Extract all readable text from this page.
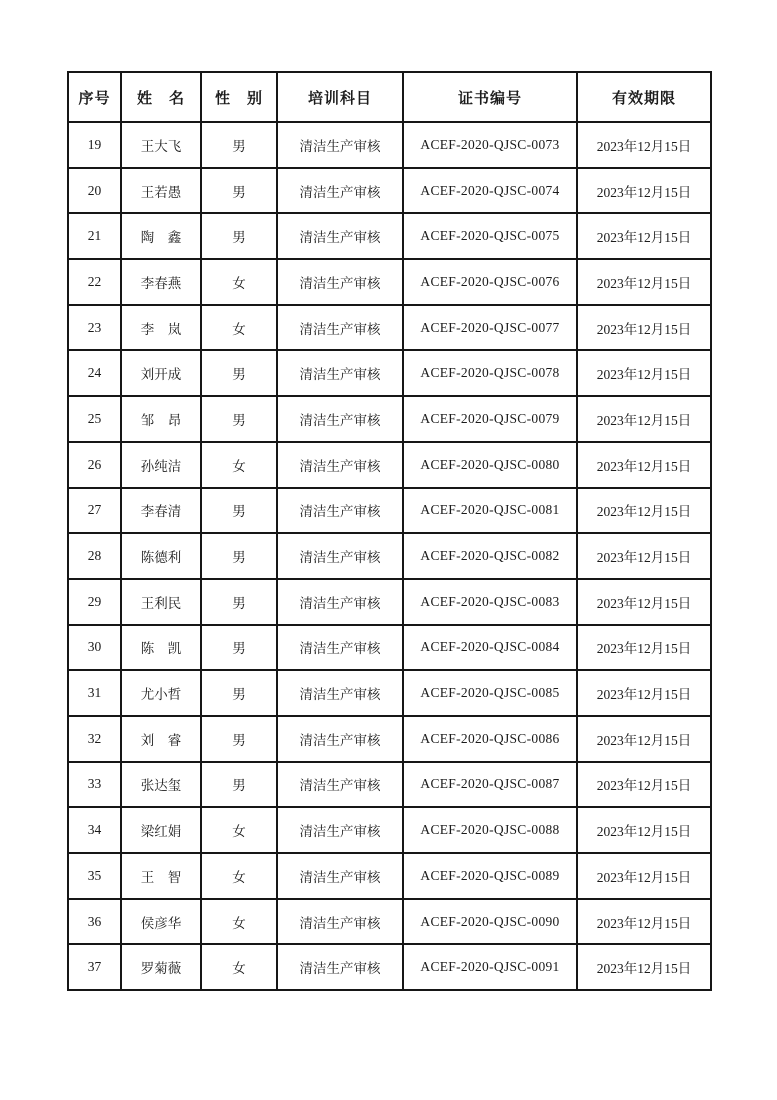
序号	姓　名	性　别	培训科目	证书编号	有效期限
19	王大飞	男	清洁生产审核	ACEF-2020-QJSC-0073	2023年12月15日
20	王若愚	男	清洁生产审核	ACEF-2020-QJSC-0074	2023年12月15日
21	陶　鑫	男	清洁生产审核	ACEF-2020-QJSC-0075	2023年12月15日
22	李春燕	女	清洁生产审核	ACEF-2020-QJSC-0076	2023年12月15日
23	李　岚	女	清洁生产审核	ACEF-2020-QJSC-0077	2023年12月15日
24	刘开成	男	清洁生产审核	ACEF-2020-QJSC-0078	2023年12月15日
25	邹　昂	男	清洁生产审核	ACEF-2020-QJSC-0079	2023年12月15日
26	孙纯洁	女	清洁生产审核	ACEF-2020-QJSC-0080	2023年12月15日
27	李春清	男	清洁生产审核	ACEF-2020-QJSC-0081	2023年12月15日
28	陈德利	男	清洁生产审核	ACEF-2020-QJSC-0082	2023年12月15日
29	王利民	男	清洁生产审核	ACEF-2020-QJSC-0083	2023年12月15日
30	陈　凯	男	清洁生产审核	ACEF-2020-QJSC-0084	2023年12月15日
31	尤小哲	男	清洁生产审核	ACEF-2020-QJSC-0085	2023年12月15日
32	刘　睿	男	清洁生产审核	ACEF-2020-QJSC-0086	2023年12月15日
33	张达玺	男	清洁生产审核	ACEF-2020-QJSC-0087	2023年12月15日
34	梁红娟	女	清洁生产审核	ACEF-2020-QJSC-0088	2023年12月15日
35	王　智	女	清洁生产审核	ACEF-2020-QJSC-0089	2023年12月15日
36	侯彦华	女	清洁生产审核	ACEF-2020-QJSC-0090	2023年12月15日
37	罗菊薇	女	清洁生产审核	ACEF-2020-QJSC-0091	2023年12月15日
